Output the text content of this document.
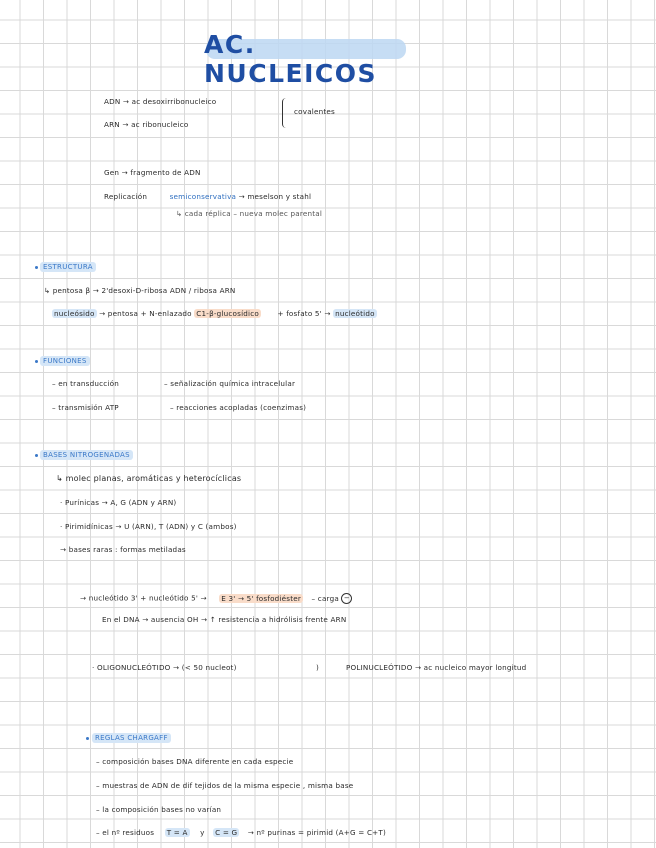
AC. NUCLEICOS
ADN → ac desoxirribonucleico
ARN → ac ribonucleico
covalentes
Gen → fragmento de ADN
Replicación	semiconservativa → meselson y stahl
↳ cada réplica – nueva molec parental
ESTRUCTURA
↳ pentosa β → 2'desoxi-D-ribosa ADN / ribosa ARN
nucleósido → pentosa + N-enlazado C1-β-glucosídico	+ fosfato 5' → nucleótido
FUNCIONES
– en transducción	– señalización química intracelular
– transmisión ATP	– reacciones acopladas (coenzimas)
BASES NITROGENADAS
↳ molec planas, aromáticas y heterocíclicas
· Purínicas → A, G (ADN y ARN)
· Pirimidínicas → U (ARN), T (ADN) y C (ambos)
→ bases raras : formas metiladas
→ nucleótido 3' + nucleótido 5' → E 3' → 5' fosfodiéster – carga −
En el DNA → ausencia OH → ↑ resistencia a hidrólisis frente ARN
· OLIGONUCLEÓTIDO → (< 50 nucleot)	)	POLINUCLEÓTIDO → ac nucleico mayor longitud
REGLAS CHARGAFF
– composición bases DNA diferente en cada especie
– muestras de ADN de dif tejidos de la misma especie , misma base
– la composición bases no varían
– el nº residuos T = A y C = G → nº purinas = pirimid (A+G = C+T)
